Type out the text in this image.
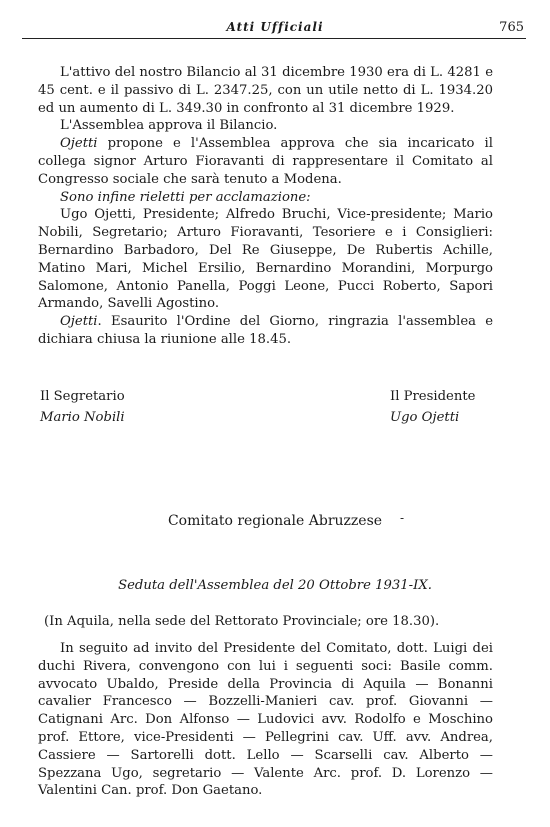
Atti Ufficiali	765

L'attivo del nostro Bilancio al 31 dicembre 1930 era di L. 4281 e 45 cent. e il passivo di L. 2347.25, con un utile netto di L. 1934.20 ed un aumento di L. 349.30 in confronto al 31 dicembre 1929.

L'Assemblea approva il Bilancio.

Ojetti propone e l'Assemblea approva che sia incaricato il collega signor Arturo Fioravanti di rappresentare il Comitato al Congresso sociale che sarà tenuto a Modena.

Sono infine rieletti per acclamazione:

Ugo Ojetti, Presidente; Alfredo Bruchi, Vice-presidente; Mario Nobili, Segretario; Arturo Fioravanti, Tesoriere e i Consiglieri: Bernardino Barbadoro, Del Re Giuseppe, De Rubertis Achille, Matino Mari, Michel Ersilio, Bernardino Morandini, Morpurgo Salomone, Antonio Panella, Poggi Leone, Pucci Roberto, Sapori Armando, Savelli Agostino.

Ojetti. Esaurito l'Ordine del Giorno, ringrazia l'assemblea e dichiara chiusa la riunione alle 18.45.

Il Segretario
Mario Nobili
Il Presidente
Ugo Ojetti
Comitato regionale Abruzzese	-
Seduta dell'Assemblea del 20 Ottobre 1931-IX.
(In Aquila, nella sede del Rettorato Provinciale; ore 18.30).

In seguito ad invito del Presidente del Comitato, dott. Luigi dei duchi Rivera, convengono con lui i seguenti soci: Basile comm. avvocato Ubaldo, Preside della Provincia di Aquila — Bonanni cavalier Francesco — Bozzelli-Manieri cav. prof. Giovanni — Catignani Arc. Don Alfonso — Ludovici avv. Rodolfo e Moschino prof. Ettore, vice-Presidenti — Pellegrini cav. Uff. avv. Andrea, Cassiere — Sartorelli dott. Lello — Scarselli cav. Alberto — Spezzana Ugo, segretario — Valente Arc. prof. D. Lorenzo — Valentini Can. prof. Don Gaetano.
